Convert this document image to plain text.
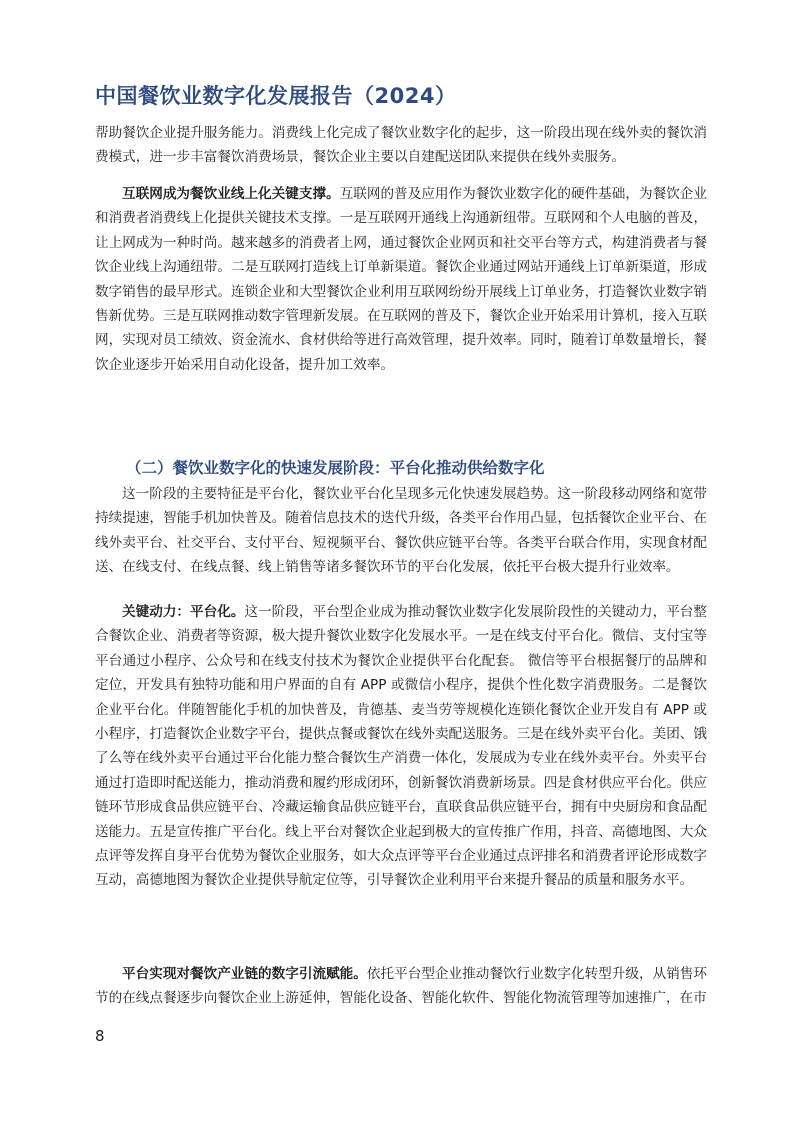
中国餐饮业数字化发展报告（2024）

帮助餐饮企业提升服务能力。消费线上化完成了餐饮业数字化的起步，这一阶段出现在线外卖的餐饮消费模式，进一步丰富餐饮消费场景，餐饮企业主要以自建配送团队来提供在线外卖服务。

互联网成为餐饮业线上化关键支撑。互联网的普及应用作为餐饮业数字化的硬件基础，为餐饮企业和消费者消费线上化提供关键技术支撑。一是互联网开通线上沟通新纽带。互联网和个人电脑的普及，让上网成为一种时尚。越来越多的消费者上网，通过餐饮企业网页和社交平台等方式，构建消费者与餐饮企业线上沟通纽带。二是互联网打造线上订单新渠道。餐饮企业通过网站开通线上订单新渠道，形成数字销售的最早形式。连锁企业和大型餐饮企业利用互联网纷纷开展线上订单业务，打造餐饮业数字销售新优势。三是互联网推动数字管理新发展。在互联网的普及下，餐饮企业开始采用计算机，接入互联网，实现对员工绩效、资金流水、食材供给等进行高效管理，提升效率。同时，随着订单数量增长，餐饮企业逐步开始采用自动化设备，提升加工效率。

（二）餐饮业数字化的快速发展阶段：平台化推动供给数字化

这一阶段的主要特征是平台化，餐饮业平台化呈现多元化快速发展趋势。这一阶段移动网络和宽带持续提速，智能手机加快普及。随着信息技术的迭代升级，各类平台作用凸显，包括餐饮企业平台、在线外卖平台、社交平台、支付平台、短视频平台、餐饮供应链平台等。各类平台联合作用，实现食材配送、在线支付、在线点餐、线上销售等诸多餐饮环节的平台化发展，依托平台极大提升行业效率。

关键动力：平台化。这一阶段，平台型企业成为推动餐饮业数字化发展阶段性的关键动力，平台整合餐饮企业、消费者等资源，极大提升餐饮业数字化发展水平。一是在线支付平台化。微信、支付宝等平台通过小程序、公众号和在线支付技术为餐饮企业提供平台化配套。 微信等平台根据餐厅的品牌和定位，开发具有独特功能和用户界面的自有 APP 或微信小程序，提供个性化数字消费服务。二是餐饮企业平台化。伴随智能化手机的加快普及，肯德基、麦当劳等规模化连锁化餐饮企业开发自有 APP 或小程序，打造餐饮企业数字平台，提供点餐或餐饮在线外卖配送服务。三是在线外卖平台化。美团、饿了么等在线外卖平台通过平台化能力整合餐饮生产消费一体化，发展成为专业在线外卖平台。外卖平台通过打造即时配送能力，推动消费和履约形成闭环，创新餐饮消费新场景。四是食材供应平台化。供应链环节形成食品供应链平台、冷藏运输食品供应链平台，直联食品供应链平台，拥有中央厨房和食品配送能力。五是宣传推广平台化。线上平台对餐饮企业起到极大的宣传推广作用，抖音、高德地图、大众点评等发挥自身平台优势为餐饮企业服务，如大众点评等平台企业通过点评排名和消费者评论形成数字互动，高德地图为餐饮企业提供导航定位等，引导餐饮企业利用平台来提升餐品的质量和服务水平。

平台实现对餐饮产业链的数字引流赋能。依托平台型企业推动餐饮行业数字化转型升级，从销售环节的在线点餐逐步向餐饮企业上游延伸，智能化设备、智能化软件、智能化物流管理等加速推广，在市

8
